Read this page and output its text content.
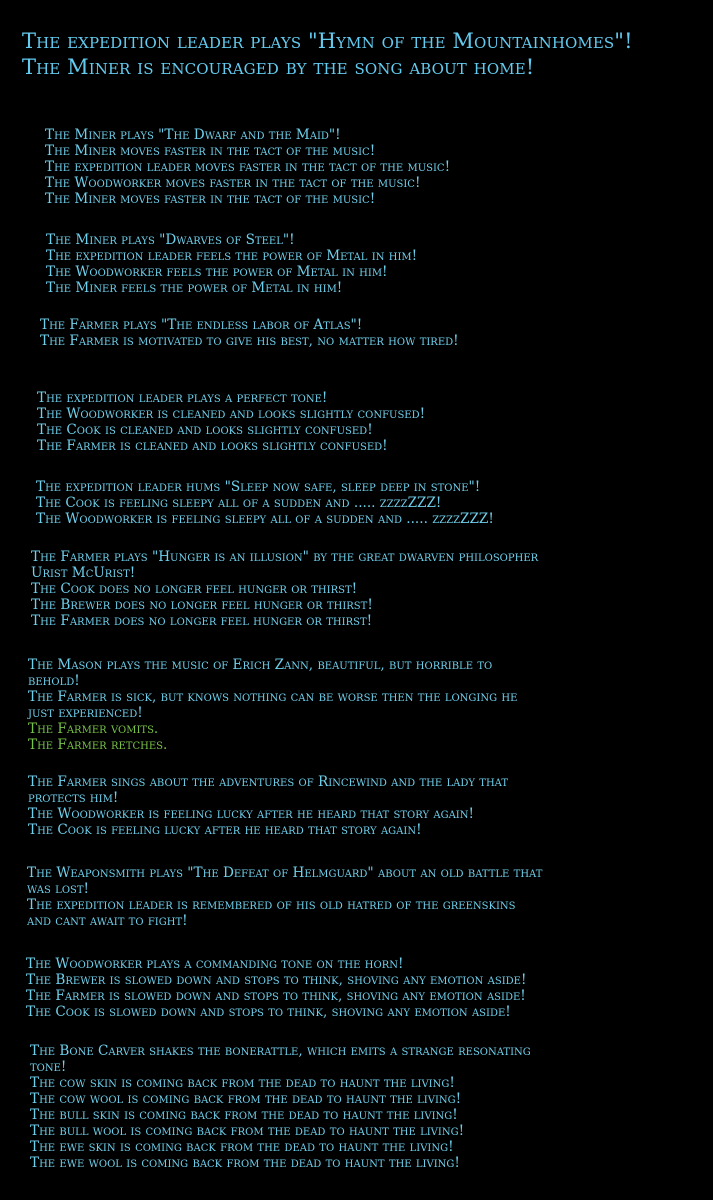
The expedition leader plays "Hymn of the Mountainhomes"!
The Miner is encouraged by the song about home!
The Miner plays "The Dwarf and the Maid"!
The Miner moves faster in the tact of the music!
The expedition leader moves faster in the tact of the music!
The Woodworker moves faster in the tact of the music!
The Miner moves faster in the tact of the music!
The Miner plays "Dwarves of Steel"!
The expedition leader feels the power of Metal in him!
The Woodworker feels the power of Metal in him!
The Miner feels the power of Metal in him!
The Farmer plays "The endless labor of Atlas"!
The Farmer is motivated to give his best, no matter how tired!
The expedition leader plays a perfect tone!
The Woodworker is cleaned and looks slightly confused!
The Cook is cleaned and looks slightly confused!
The Farmer is cleaned and looks slightly confused!
The expedition leader hums "Sleep now safe, sleep deep in stone"!
The Cook is feeling sleepy all of a sudden and ..... zzzzZZZ!
The Woodworker is feeling sleepy all of a sudden and ..... zzzzZZZ!
The Farmer plays "Hunger is an illusion" by the great dwarven philosopher
Urist McUrist!
The Cook does no longer feel hunger or thirst!
The Brewer does no longer feel hunger or thirst!
The Farmer does no longer feel hunger or thirst!
The Mason plays the music of Erich Zann, beautiful, but horrible to
behold!
The Farmer is sick, but knows nothing can be worse then the longing he
just experienced!
The Farmer vomits.
The Farmer retches.
The Farmer sings about the adventures of Rincewind and the lady that
protects him!
The Woodworker is feeling lucky after he heard that story again!
The Cook is feeling lucky after he heard that story again!
The Weaponsmith plays "The Defeat of Helmguard" about an old battle that
was lost!
The expedition leader is remembered of his old hatred of the greenskins
and cant await to fight!
The Woodworker plays a commanding tone on the horn!
The Brewer is slowed down and stops to think, shoving any emotion aside!
The Farmer is slowed down and stops to think, shoving any emotion aside!
The Cook is slowed down and stops to think, shoving any emotion aside!
The Bone Carver shakes the bonerattle, which emits a strange resonating
tone!
The cow skin is coming back from the dead to haunt the living!
The cow wool is coming back from the dead to haunt the living!
The bull skin is coming back from the dead to haunt the living!
The bull wool is coming back from the dead to haunt the living!
The ewe skin is coming back from the dead to haunt the living!
The ewe wool is coming back from the dead to haunt the living!
